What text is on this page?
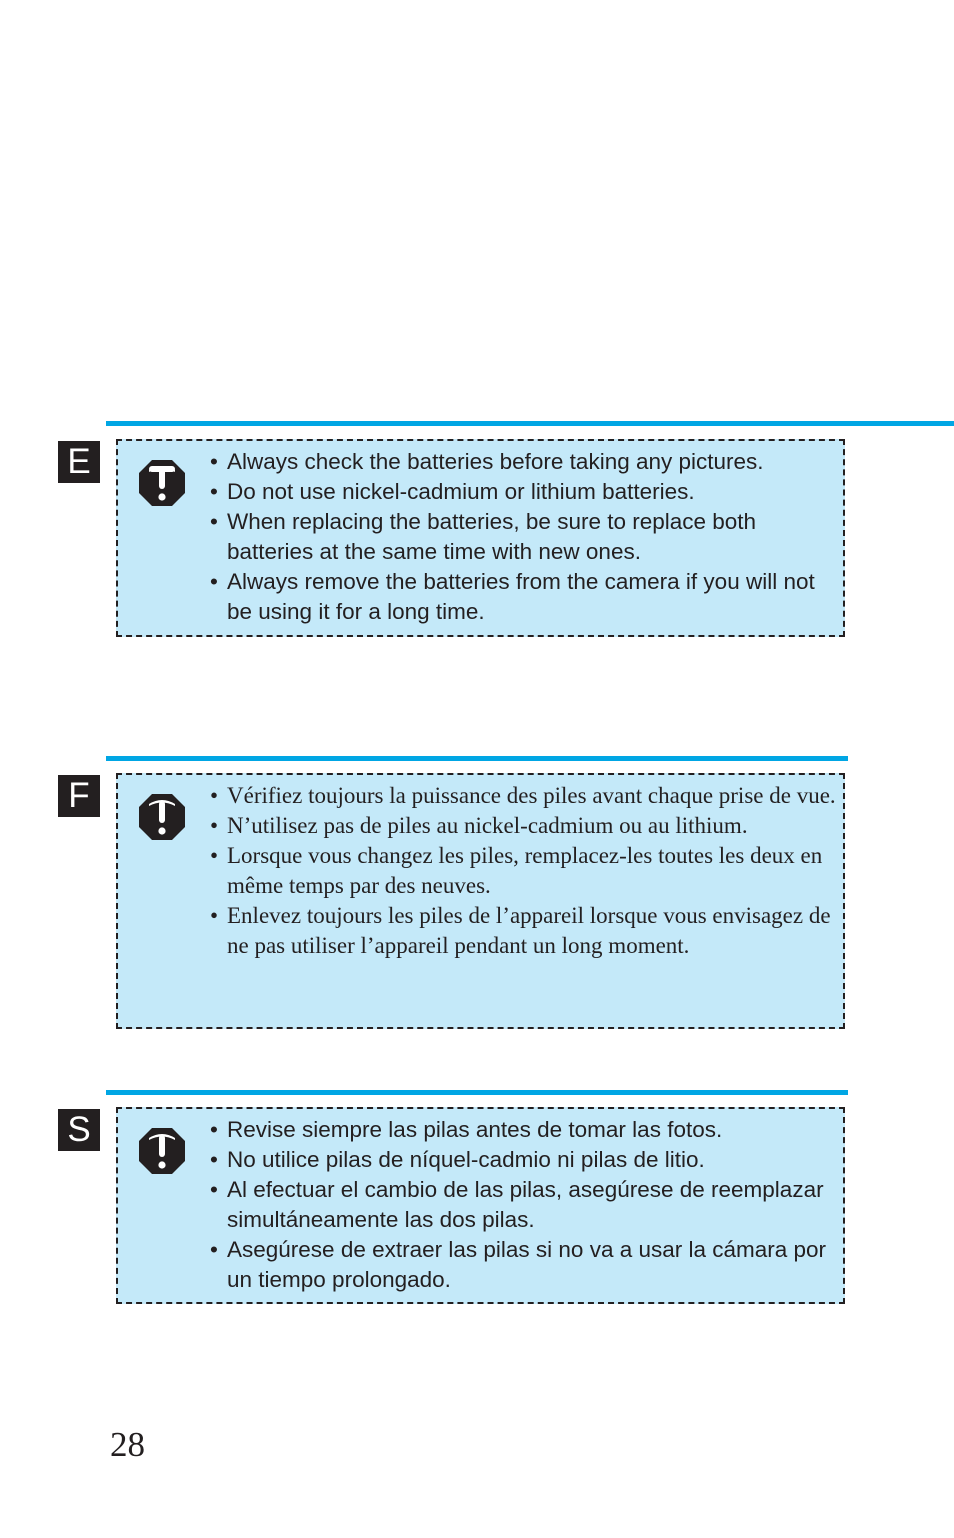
E	• Always check the batteries before taking any pictures.
• Do not use nickel-cadmium or lithium batteries.
• When replacing the batteries, be sure to replace both batteries at the same time with new ones.
• Always remove the batteries from the camera if you will not be using it for a long time.
F	• Vérifiez toujours la puissance des piles avant chaque prise de vue.
• N’utilisez pas de piles au nickel-cadmium ou au lithium.
• Lorsque vous changez les piles, remplacez-les toutes les deux en même temps par des neuves.
• Enlevez toujours les piles de l’appareil lorsque vous envisagez de ne pas utiliser l’appareil pendant un long moment.
S	• Revise siempre las pilas antes de tomar las fotos.
• No utilice pilas de níquel-cadmio ni pilas de litio.
• Al efectuar el cambio de las pilas, asegúrese de reemplazar simultáneamente las dos pilas.
• Asegúrese de extraer las pilas si no va a usar la cámara por un tiempo prolongado.
28
